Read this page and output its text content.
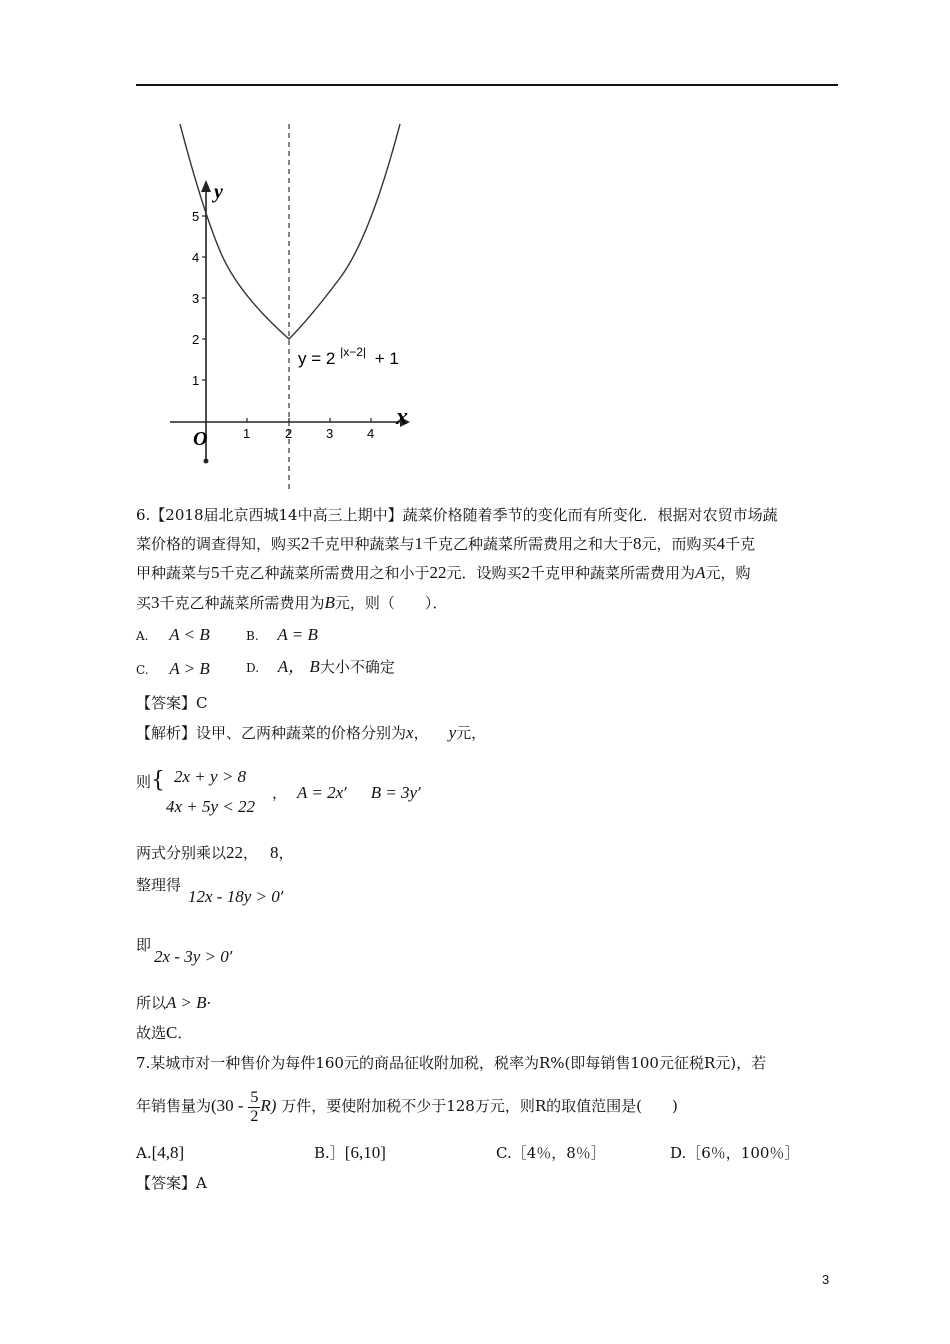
y
x
O
1
2
3
4
5
1	2	3	4
y = 2 $^{|x-2|}$ + 1
6.【2018届北京西城14中高三上期中】蔬菜价格随着季节的变化而有所变化．根据对农贸市场蔬
菜价格的调查得知，购买2千克甲种蔬菜与1千克乙种蔬菜所需费用之和大于8元，而购买4千克
甲种蔬菜与5千克乙种蔬菜所需费用之和小于22元．设购买2千克甲种蔬菜所需费用为A元，购
买3千克乙种蔬菜所需费用为B元，则（　　）．
A. A < B	B. A = B
C. A > B	D. A， B大小不确定
【答案】C
【解析】设甲、乙两种蔬菜的价格分别为x， y元，
则{ 2x + y > 8
4x + 5y < 22
， A = 2x’ B = 3y’
两式分别乘以22， 8，
整理得
12x - 18y > 0’
即
2x - 3y > 0’
所以A > B·
故选C．
7.某城市对一种售价为每件160元的商品征收附加税，税率为R%(即每销售100元征税R元)，若
年销售量为$(30 - \frac{5}{2} R)$ 万件，要使附加税不少于128万元，则R的取值范围是(　　)
A.[4,8]	B.］[6,10]	C.［4％，8％］	D.［6％，100％］
【答案】A
3
